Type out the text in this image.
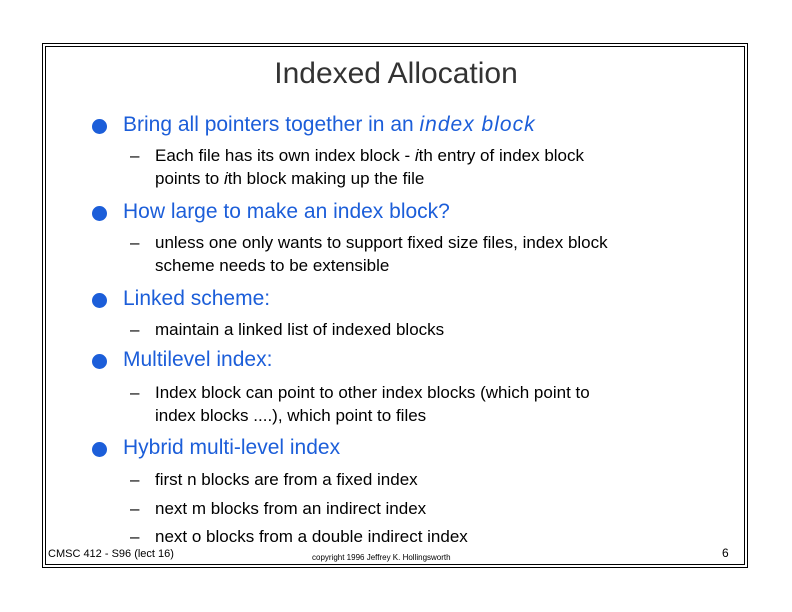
Indexed Allocation
Bring all pointers together in an index block
– Each file has its own index block - ith entry of index block
points to ith block making up the file
How large to make an index block?
– unless one only wants to support fixed size files, index block
scheme needs to be extensible
Linked scheme:
– maintain a linked list of indexed blocks
Multilevel index:
– Index block can point to other index blocks (which point to
index blocks ....), which point to files
Hybrid multi-level index
– first n blocks are from a fixed index
– next m blocks from an indirect index
– next o blocks from a double indirect index
CMSC 412 - S96 (lect 16)	copyright 1996 Jeffrey K. Hollingsworth	6
